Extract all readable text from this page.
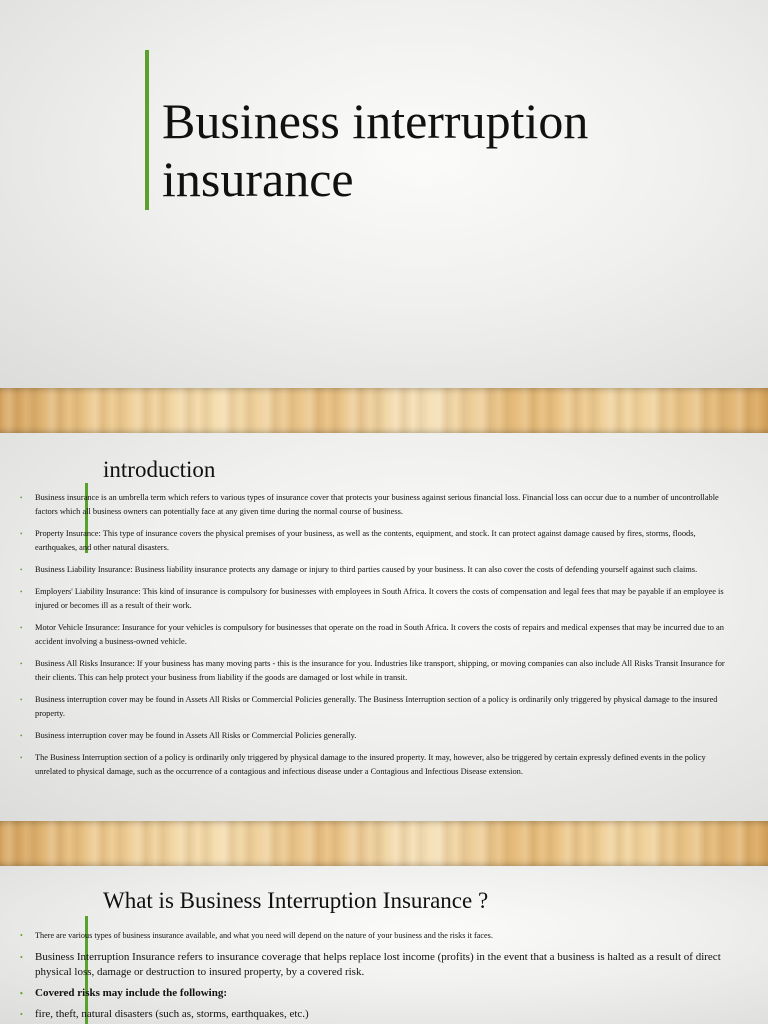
Business interruption
insurance
introduction
• Business insurance is an umbrella term which refers to various types of insurance cover that protects your business against serious financial loss. Financial loss can occur due to a number of uncontrollable factors which all business owners can potentially face at any given time during the normal course of business.
• Property Insurance: This type of insurance covers the physical premises of your business, as well as the contents, equipment, and stock. It can protect against damage caused by fires, storms, floods, earthquakes, and other natural disasters.
• Business Liability Insurance: Business liability insurance protects any damage or injury to third parties caused by your business. It can also cover the costs of defending yourself against such claims.
• Employers' Liability Insurance: This kind of insurance is compulsory for businesses with employees in South Africa. It covers the costs of compensation and legal fees that may be payable if an employee is injured or becomes ill as a result of their work.
• Motor Vehicle Insurance: Insurance for your vehicles is compulsory for businesses that operate on the road in South Africa. It covers the costs of repairs and medical expenses that may be incurred due to an accident involving a business-owned vehicle.
• Business All Risks Insurance: If your business has many moving parts - this is the insurance for you. Industries like transport, shipping, or moving companies can also include All Risks Transit Insurance for their clients. This can help protect your business from liability if the goods are damaged or lost while in transit.
• Business interruption cover may be found in Assets All Risks or Commercial Policies generally. The Business Interruption section of a policy is ordinarily only triggered by physical damage to the insured property.
• Business interruption cover may be found in Assets All Risks or Commercial Policies generally.
• The Business Interruption section of a policy is ordinarily only triggered by physical damage to the insured property. It may, however, also be triggered by certain expressly defined events in the policy unrelated to physical damage, such as the occurrence of a contagious and infectious disease under a Contagious and Infectious Disease extension.
What is Business Interruption Insurance ?
• There are various types of business insurance available, and what you need will depend on the nature of your business and the risks it faces.
• Business Interruption Insurance refers to insurance coverage that helps replace lost income (profits) in the event that a business is halted as a result of direct physical loss, damage or destruction to insured property, by a covered risk.
• Covered risks may include the following:
• fire, theft, natural disasters (such as, storms, earthquakes, etc.)
